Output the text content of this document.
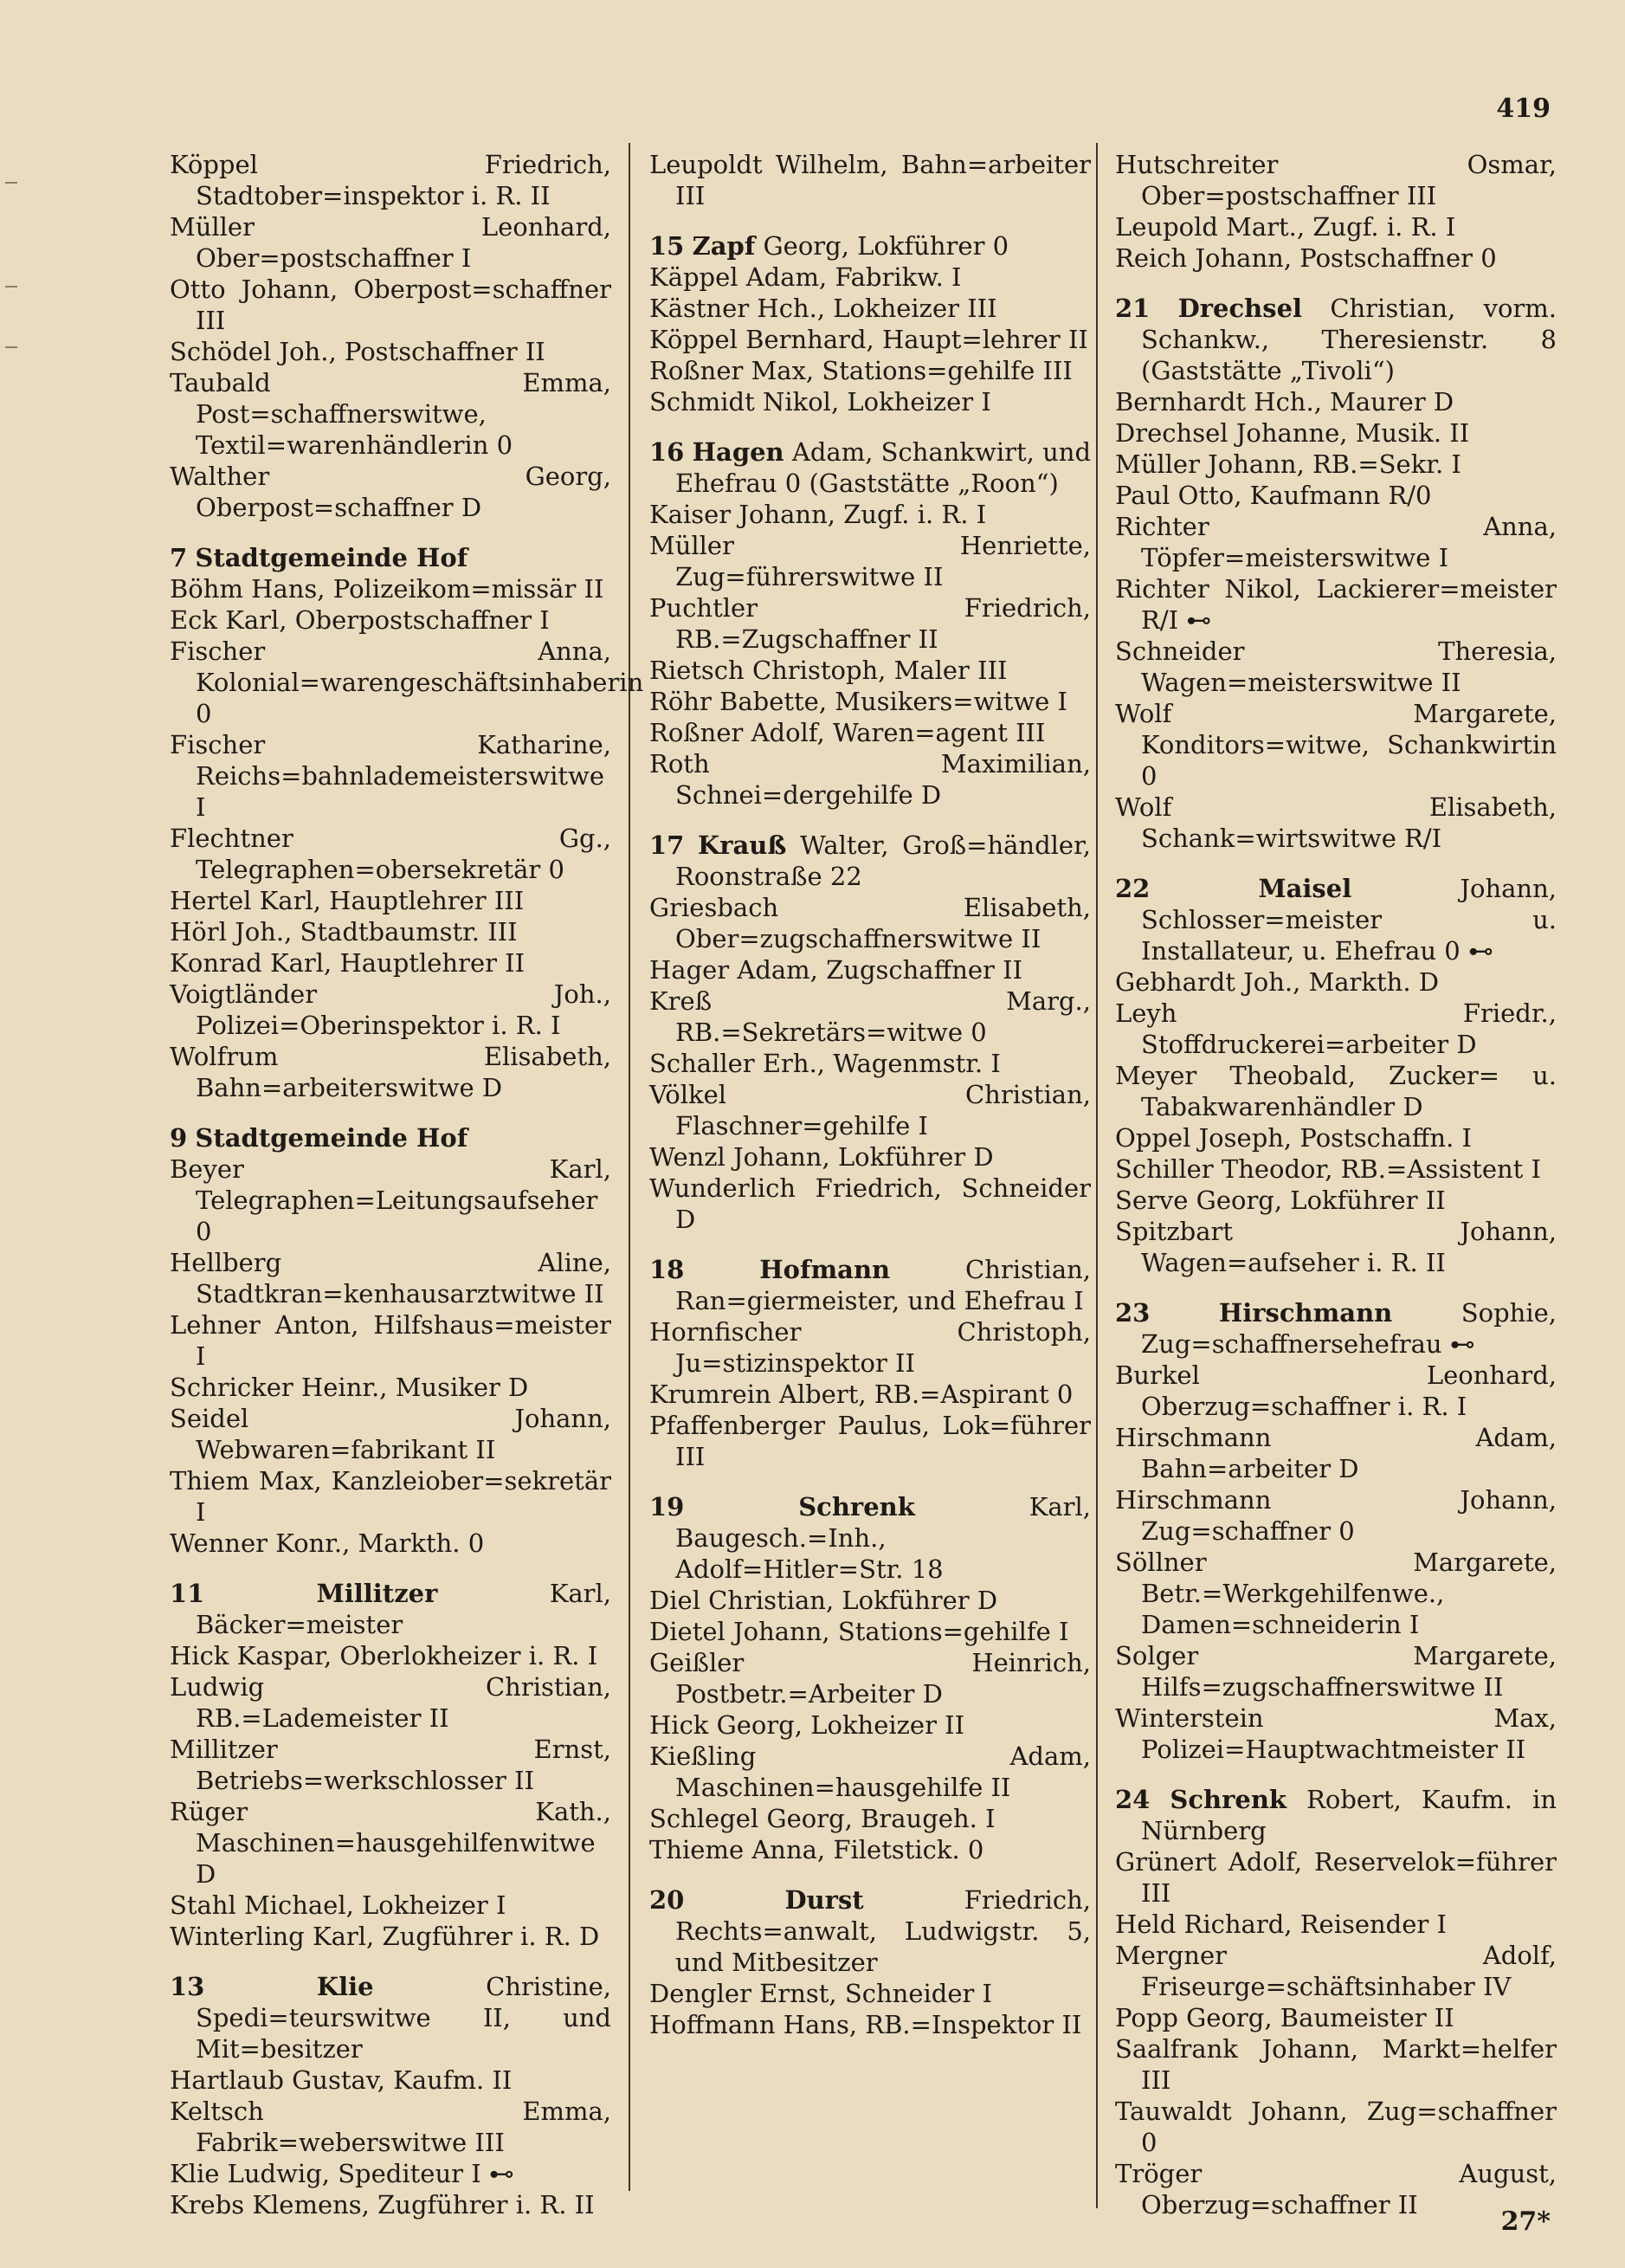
419
Köppel Friedrich, Stadtober=inspektor i. R. II
Müller Leonhard, Ober=postschaffner I
Otto Johann, Oberpost=schaffner III
Schödel Joh., Postschaffner II
Taubald Emma, Post=schaffnerswitwe, Textil=warenhändlerin 0
Walther Georg, Oberpost=schaffner D
7 Stadtgemeinde Hof
Böhm Hans, Polizeikom=missär II
Eck Karl, Oberpostschaffner I
Fischer Anna, Kolonial=warengeschäftsinhaberin 0
Fischer Katharine, Reichs=bahnlademeisterswitwe I
Flechtner Gg., Telegraphen=obersekretär 0
Hertel Karl, Hauptlehrer III
Hörl Joh., Stadtbaumstr. III
Konrad Karl, Hauptlehrer II
Voigtländer Joh., Polizei=Oberinspektor i. R. I
Wolfrum Elisabeth, Bahn=arbeiterswitwe D
9 Stadtgemeinde Hof
Beyer Karl, Telegraphen=Leitungsaufseher 0
Hellberg Aline, Stadtkran=kenhausarztwitwe II
Lehner Anton, Hilfshaus=meister I
Schricker Heinr., Musiker D
Seidel Johann, Webwaren=fabrikant II
Thiem Max, Kanzleiober=sekretär I
Wenner Konr., Markth. 0
11	Millitzer	Karl, Bäcker=meister
Hick Kaspar, Oberlokheizer i. R. I
Ludwig Christian, RB.=Lademeister II
Millitzer Ernst, Betriebs=werkschlosser II
Rüger Kath., Maschinen=hausgehilfenwitwe D
Stahl Michael, Lokheizer I
Winterling Karl, Zugführer i. R. D
13	Klie	Christine, Spedi=teurswitwe II, und Mit=besitzer
Hartlaub Gustav, Kaufm. II
Keltsch Emma, Fabrik=weberswitwe III
Klie Ludwig, Spediteur I ⊷
Krebs Klemens, Zugführer i. R. II
Leupoldt Wilhelm, Bahn=arbeiter III
15 Zapf Georg, Lokführer 0
Käppel Adam, Fabrikw. I
Kästner Hch., Lokheizer III
Köppel Bernhard, Haupt=lehrer II
Roßner Max, Stations=gehilfe III
Schmidt Nikol, Lokheizer I
16 Hagen Adam, Schankwirt, und Ehefrau 0 (Gaststätte „Roon“)
Kaiser Johann, Zugf. i. R. I
Müller Henriette, Zug=führerswitwe II
Puchtler Friedrich, RB.=Zugschaffner II
Rietsch Christoph, Maler III
Röhr Babette, Musikers=witwe I
Roßner Adolf, Waren=agent III
Roth Maximilian, Schnei=dergehilfe D
17 Krauß Walter, Groß=händler, Roonstraße 22
Griesbach Elisabeth, Ober=zugschaffnerswitwe II
Hager Adam, Zugschaffner II
Kreß Marg., RB.=Sekretärs=witwe 0
Schaller Erh., Wagenmstr. I
Völkel Christian, Flaschner=gehilfe I
Wenzl Johann, Lokführer D
Wunderlich Friedrich, Schneider D
18	Hofmann	Christian, Ran=giermeister, und Ehefrau I
Hornfischer Christoph, Ju=stizinspektor II
Krumrein Albert, RB.=Aspirant 0
Pfaffenberger Paulus, Lok=führer III
19	Schrenk	Karl, Baugesch.=Inh., Adolf=Hitler=Str. 18
Diel Christian, Lokführer D
Dietel Johann, Stations=gehilfe I
Geißler Heinrich, Postbetr.=Arbeiter D
Hick Georg, Lokheizer II
Kießling Adam, Maschinen=hausgehilfe II
Schlegel Georg, Braugeh. I
Thieme Anna, Filetstick. 0
20	Durst	Friedrich, Rechts=anwalt, Ludwigstr. 5, und Mitbesitzer
Dengler Ernst, Schneider I
Hoffmann Hans, RB.=Inspektor II
Hutschreiter Osmar, Ober=postschaffner III
Leupold Mart., Zugf. i. R. I
Reich Johann, Postschaffner 0
21 Drechsel Christian, vorm. Schankw., Theresienstr. 8 (Gaststätte „Tivoli“)
Bernhardt Hch., Maurer D
Drechsel Johanne, Musik. II
Müller Johann, RB.=Sekr. I
Paul Otto, Kaufmann R/0
Richter Anna, Töpfer=meisterswitwe I
Richter Nikol, Lackierer=meister R/I ⊷
Schneider Theresia, Wagen=meisterswitwe II
Wolf Margarete, Konditors=witwe, Schankwirtin 0
Wolf Elisabeth, Schank=wirtswitwe R/I
22	Maisel	Johann, Schlosser=meister u. Installateur, u. Ehefrau 0 ⊷
Gebhardt Joh., Markth. D
Leyh Friedr., Stoffdruckerei=arbeiter D
Meyer Theobald, Zucker= u. Tabakwarenhändler D
Oppel Joseph, Postschaffn. I
Schiller Theodor, RB.=Assistent I
Serve Georg, Lokführer II
Spitzbart Johann, Wagen=aufseher i. R. II
23	Hirschmann	Sophie, Zug=schaffnersehefrau ⊷
Burkel Leonhard, Oberzug=schaffner i. R. I
Hirschmann Adam, Bahn=arbeiter D
Hirschmann Johann, Zug=schaffner 0
Söllner Margarete, Betr.=Werkgehilfenwe., Damen=schneiderin I
Solger Margarete, Hilfs=zugschaffnerswitwe II
Winterstein Max, Polizei=Hauptwachtmeister II
24 Schrenk Robert, Kaufm. in Nürnberg
Grünert Adolf, Reservelok=führer III
Held Richard, Reisender I
Mergner Adolf, Friseurge=schäftsinhaber IV
Popp Georg, Baumeister II
Saalfrank Johann, Markt=helfer III
Tauwaldt Johann, Zug=schaffner 0
Tröger August, Oberzug=schaffner II
27*
